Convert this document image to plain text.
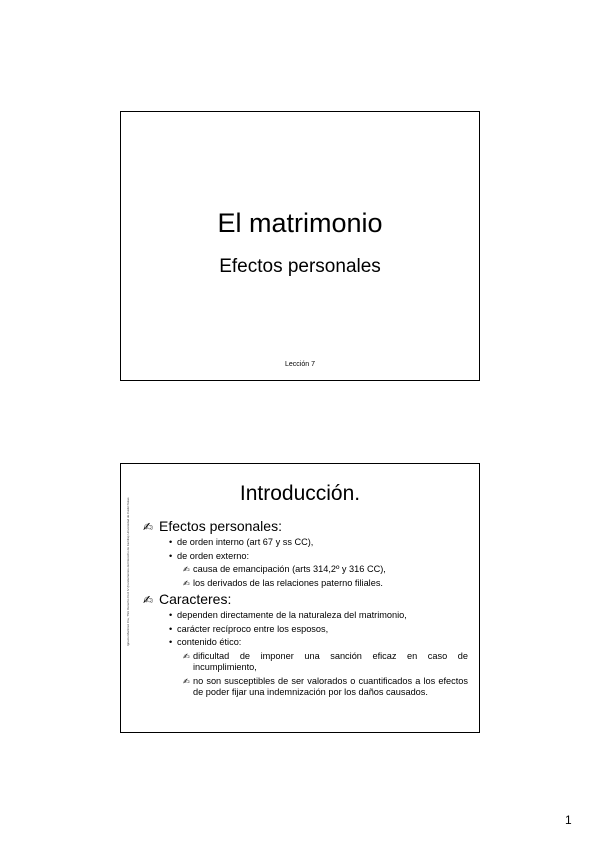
El matrimonio
Efectos personales
Lección 7
Ignacio Martínez Cía, TSU Derecho Civil IV (Fundamentos del Derecho de Familia) Universidad de Cádiz Notas
Introducción.
✍ Efectos personales:
• de orden interno (art 67 y ss CC),
• de orden externo:
✍ causa de emancipación (arts 314,2º y 316 CC),
✍ los derivados de las relaciones paterno filiales.
✍ Caracteres:
• dependen directamente de la naturaleza del matrimonio,
• carácter recíproco entre los esposos,
• contenido ético:
✍ dificultad de imponer una sanción eficaz en caso de incumplimiento,
✍ no son susceptibles de ser valorados o cuantificados a los efectos de poder fijar una indemnización por los daños causados.
1
